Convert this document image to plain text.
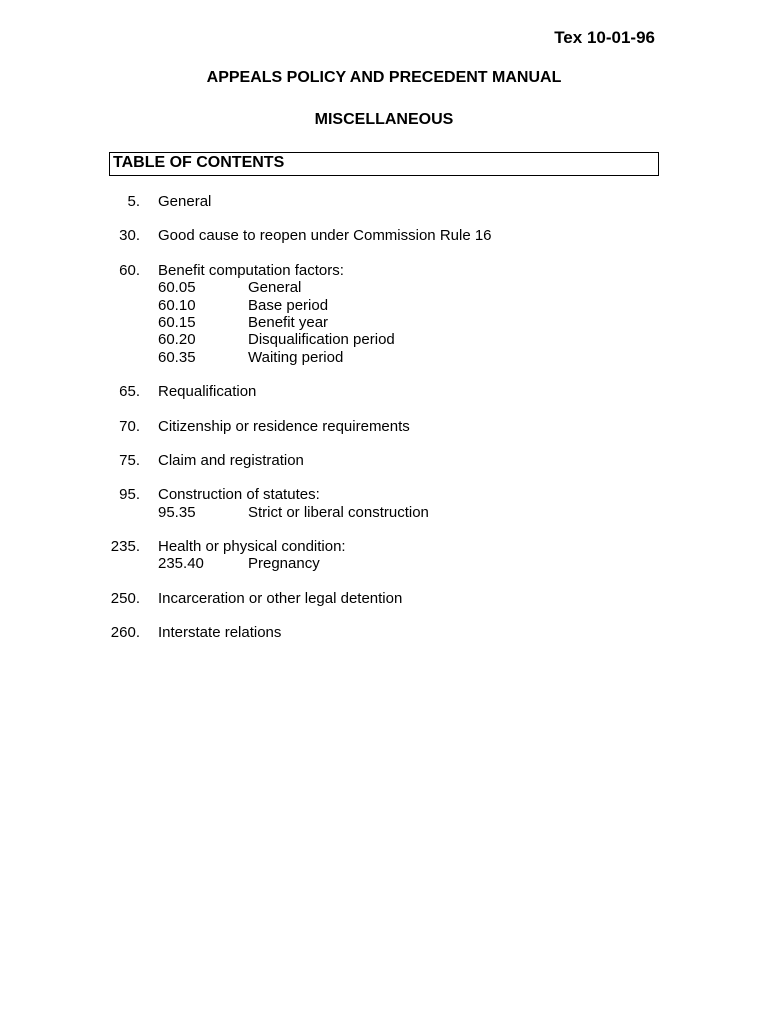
Tex 10-01-96
APPEALS POLICY AND PRECEDENT MANUAL
MISCELLANEOUS
TABLE OF CONTENTS
5. General
30. Good cause to reopen under Commission Rule 16
60. Benefit computation factors:
60.05	General
60.10	Base period
60.15	Benefit year
60.20	Disqualification period
60.35	Waiting period
65. Requalification
70. Citizenship or residence requirements
75. Claim and registration
95. Construction of statutes:
95.35	Strict or liberal construction
235. Health or physical condition:
235.40	Pregnancy
250. Incarceration or other legal detention
260. Interstate relations
